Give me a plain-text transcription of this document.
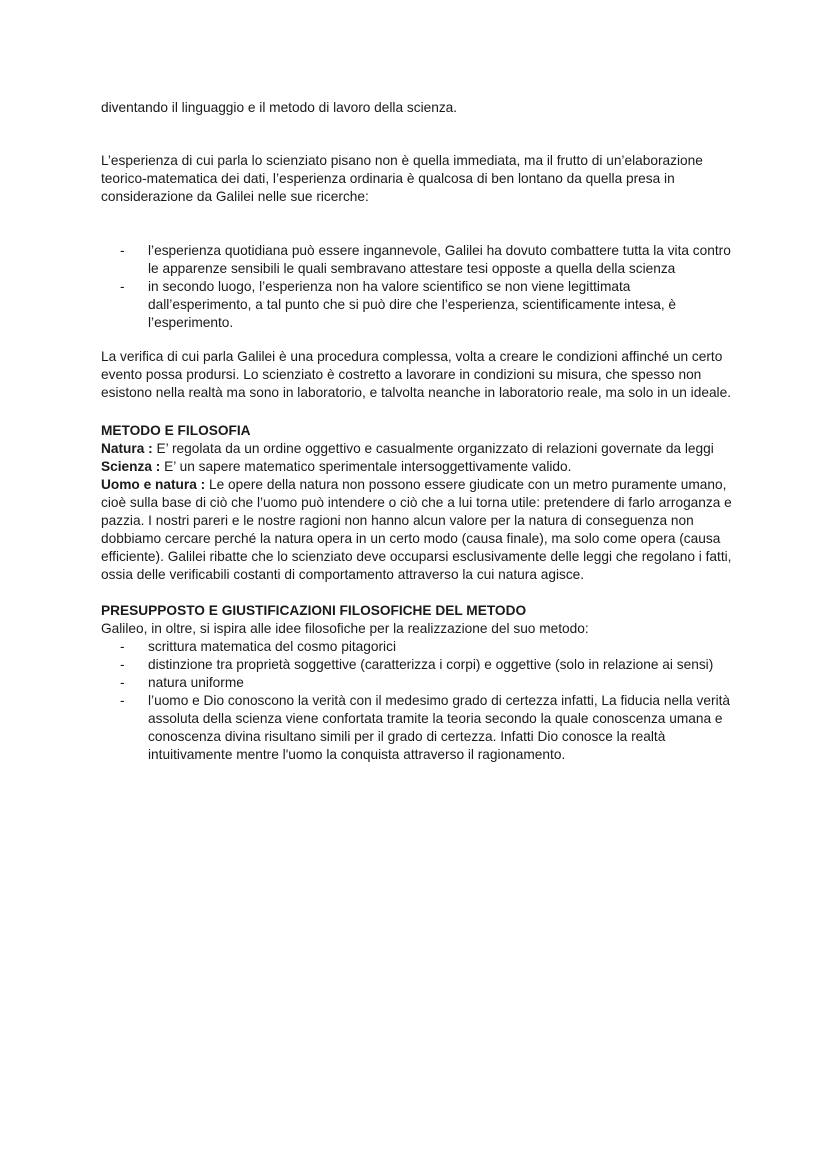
diventando il linguaggio e il metodo di lavoro della scienza.

L’esperienza di cui parla lo scienziato pisano non è quella immediata, ma il frutto di un’elaborazione teorico-matematica dei dati, l’esperienza ordinaria è qualcosa di ben lontano da quella presa in considerazione da Galilei nelle sue ricerche:

- l’esperienza quotidiana può essere ingannevole, Galilei ha dovuto combattere tutta la vita contro le apparenze sensibili le quali sembravano attestare tesi opposte a quella della scienza
- in secondo luogo, l’esperienza non ha valore scientifico se non viene legittimata dall’esperimento, a tal punto che si può dire che l’esperienza, scientificamente intesa, è l’esperimento.

La verifica di cui parla Galilei è una procedura complessa, volta a creare le condizioni affinché un certo evento possa prodursi. Lo scienziato è costretto a lavorare in condizioni su misura, che spesso non esistono nella realtà ma sono in laboratorio, e talvolta neanche in laboratorio reale, ma solo in un ideale.

METODO E FILOSOFIA

Natura : E’ regolata da un ordine oggettivo e casualmente organizzato di relazioni governate da leggi

Scienza : E’ un sapere matematico sperimentale intersoggettivamente valido.

Uomo e natura : Le opere della natura non possono essere giudicate con un metro puramente umano, cioè sulla base di ciò che l’uomo può intendere o ciò che a lui torna utile: pretendere di farlo arroganza e pazzia. I nostri pareri e le nostre ragioni non hanno alcun valore per la natura di conseguenza non dobbiamo cercare perché la natura opera in un certo modo (causa finale), ma solo come opera (causa efficiente). Galilei ribatte che lo scienziato deve occuparsi esclusivamente delle leggi che regolano i fatti, ossia delle verificabili costanti di comportamento attraverso la cui natura agisce.

PRESUPPOSTO E GIUSTIFICAZIONI FILOSOFICHE DEL METODO

Galileo, in oltre, si ispira alle idee filosofiche per la realizzazione del suo metodo:

- scrittura matematica del cosmo pitagorici
- distinzione tra proprietà soggettive (caratterizza i corpi) e oggettive (solo in relazione ai sensi)
- natura uniforme
- l’uomo e Dio conoscono la verità con il medesimo grado di certezza infatti, La fiducia nella verità assoluta della scienza viene confortata tramite la teoria secondo la quale conoscenza umana e conoscenza divina risultano simili per il grado di certezza. Infatti Dio conosce la realtà intuitivamente mentre l'uomo la conquista attraverso il ragionamento.
